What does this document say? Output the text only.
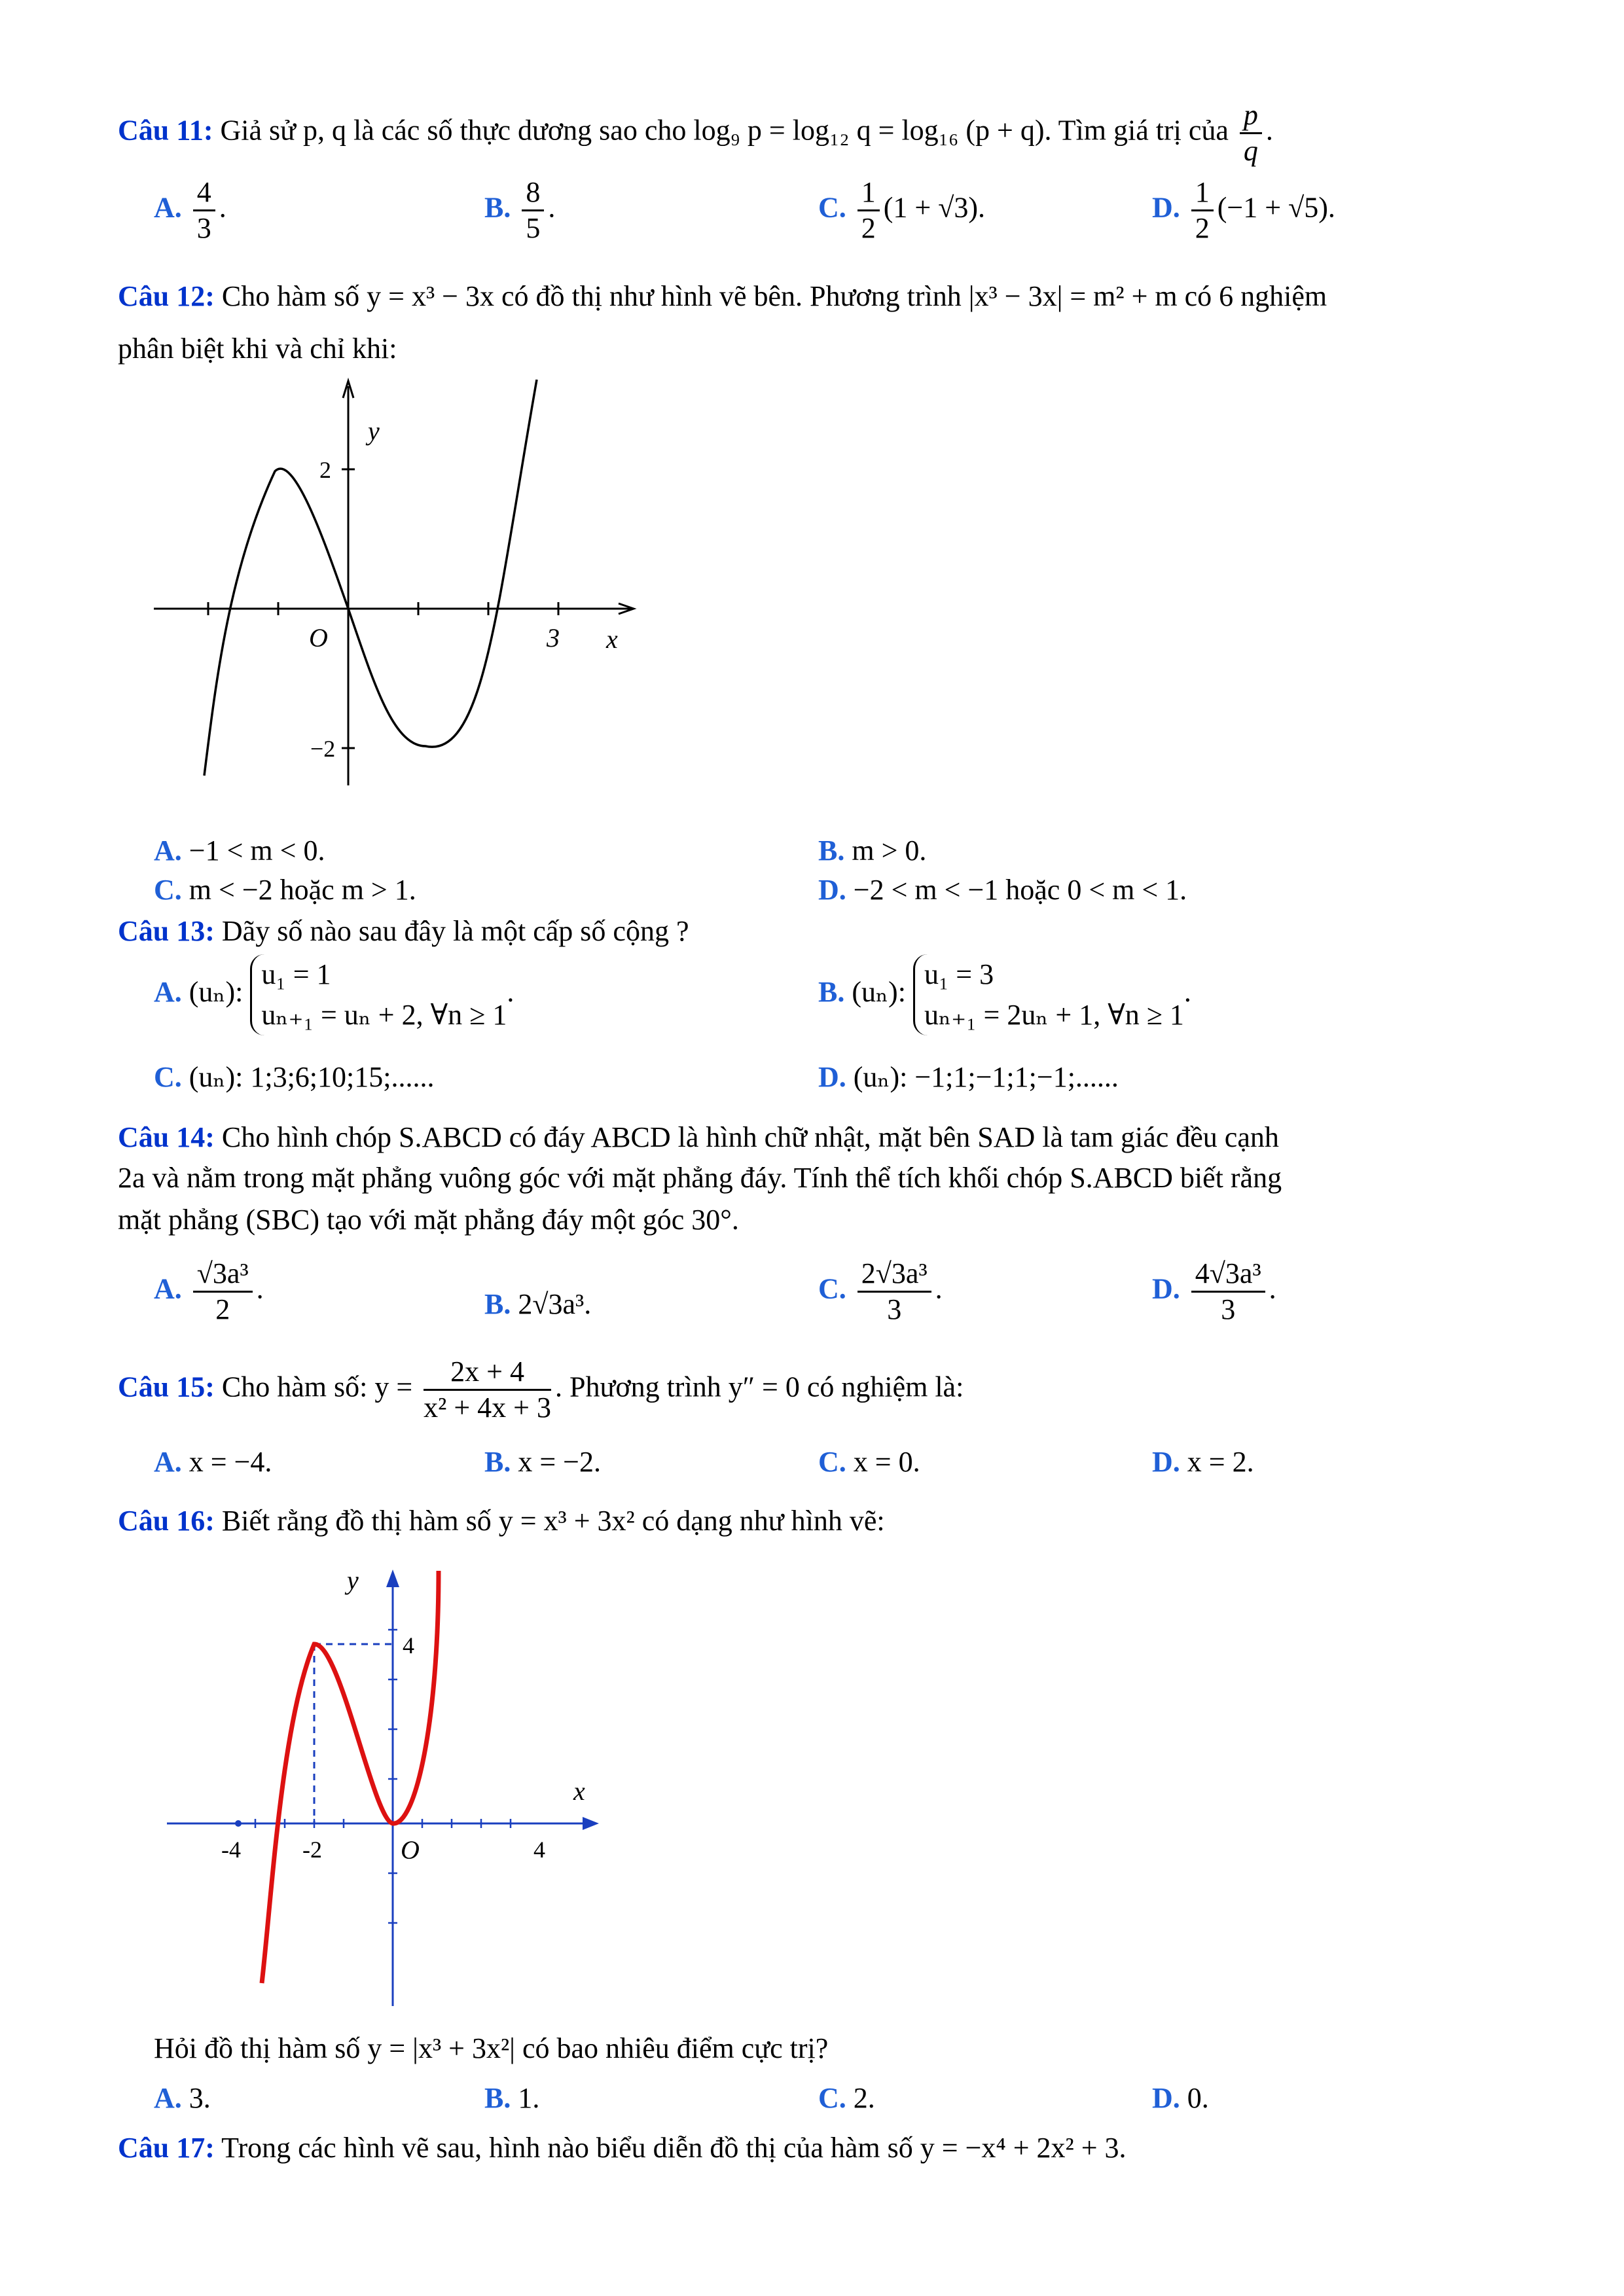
Câu 11: Giả sử p, q là các số thực dương sao cho log₉ p = log₁₂ q = log₁₆ (p + q). Tìm giá trị của $\frac{p}{q}$ .
A. $\frac{4}{3}$ .	B. $\frac{8}{5}$ .	C. $\frac{1}{2} (1 + √3)$.	D. $\frac{1}{2} (-1 + √5)$.
Câu 12: Cho hàm số y = x³ − 3x có đồ thị như hình vẽ bên. Phương trình |x³ − 3x| = m² + m có 6 nghiệm
phân biệt khi và chỉ khi:
y
x
O
2
−2
3
A. −1 < m < 0.	B. m > 0.
C. m < −2 hoặc m > 1.	D. −2 < m < −1 hoặc 0 < m < 1.
Câu 13: Dãy số nào sau đây là một cấp số cộng ?
A. (uₙ):
u₁ = 1
uₙ₊₁ = uₙ + 2, ∀n ≥ 1
.	B. (uₙ):
u₁ = 3
uₙ₊₁ = 2uₙ + 1, ∀n ≥ 1
.
C. (uₙ): 1;3;6;10;15;......	D. (uₙ): −1;1;−1;1;−1;......
Câu 14: Cho hình chóp S.ABCD có đáy ABCD là hình chữ nhật, mặt bên SAD là tam giác đều cạnh
2a và nằm trong mặt phẳng vuông góc với mặt phẳng đáy. Tính thể tích khối chóp S.ABCD biết rằng
mặt phẳng (SBC) tạo với mặt phẳng đáy một góc 30°.
A. $\frac{\text{√3a³}}{2}$ .	B. 2√3a³.	C. $\frac{\text{2√3a³}}{3}$ .	D. $\frac{\text{4√3a³}}{3}$ .
Câu 15: Cho hàm số: $y = \frac{2x + 4}{\text{x² + 4x + 3}}$ . Phương trình y″ = 0 có nghiệm là:
A. x = −4.	B. x = −2.	C. x = 0.	D. x = 2.
Câu 16: Biết rằng đồ thị hàm số y = x³ + 3x² có dạng như hình vẽ:
y
x
O
4
-4	-2	4
Hỏi đồ thị hàm số y = |x³ + 3x²| có bao nhiêu điểm cực trị?
A. 3.	B. 1.	C. 2.	D. 0.
Câu 17: Trong các hình vẽ sau, hình nào biểu diễn đồ thị của hàm số y = −x⁴ + 2x² + 3.
